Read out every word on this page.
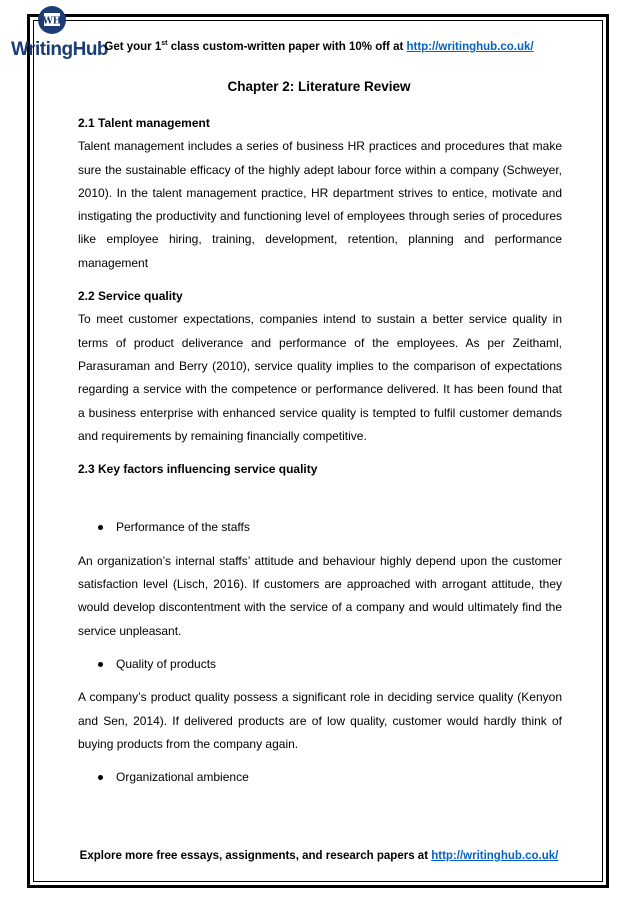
WH
WritingHub
Get your 1st class custom-written paper with 10% off at http://writinghub.co.uk/
Chapter 2: Literature Review
2.1 Talent management

Talent management includes a series of business HR practices and procedures that make sure the sustainable efficacy of the highly adept labour force within a company (Schweyer, 2010). In the talent management practice, HR department strives to entice, motivate and instigating the productivity and functioning level of employees through series of procedures like employee hiring, training, development, retention, planning and performance management

2.2 Service quality

To meet customer expectations, companies intend to sustain a better service quality in terms of product deliverance and performance of the employees. As per Zeithaml, Parasuraman and Berry (2010), service quality implies to the comparison of expectations regarding a service with the competence or performance delivered. It has been found that a business enterprise with enhanced service quality is tempted to fulfil customer demands and requirements by remaining financially competitive.

2.3 Key factors influencing service quality
Performance of the staffs

An organization’s internal staffs’ attitude and behaviour highly depend upon the customer satisfaction level (Lisch, 2016). If customers are approached with arrogant attitude, they would develop discontentment with the service of a company and would ultimately find the service unpleasant.

Quality of products

A company’s product quality possess a significant role in deciding service quality (Kenyon and Sen, 2014). If delivered products are of low quality, customer would hardly think of buying products from the company again.

Organizational ambience
Explore more free essays, assignments, and research papers at http://writinghub.co.uk/
